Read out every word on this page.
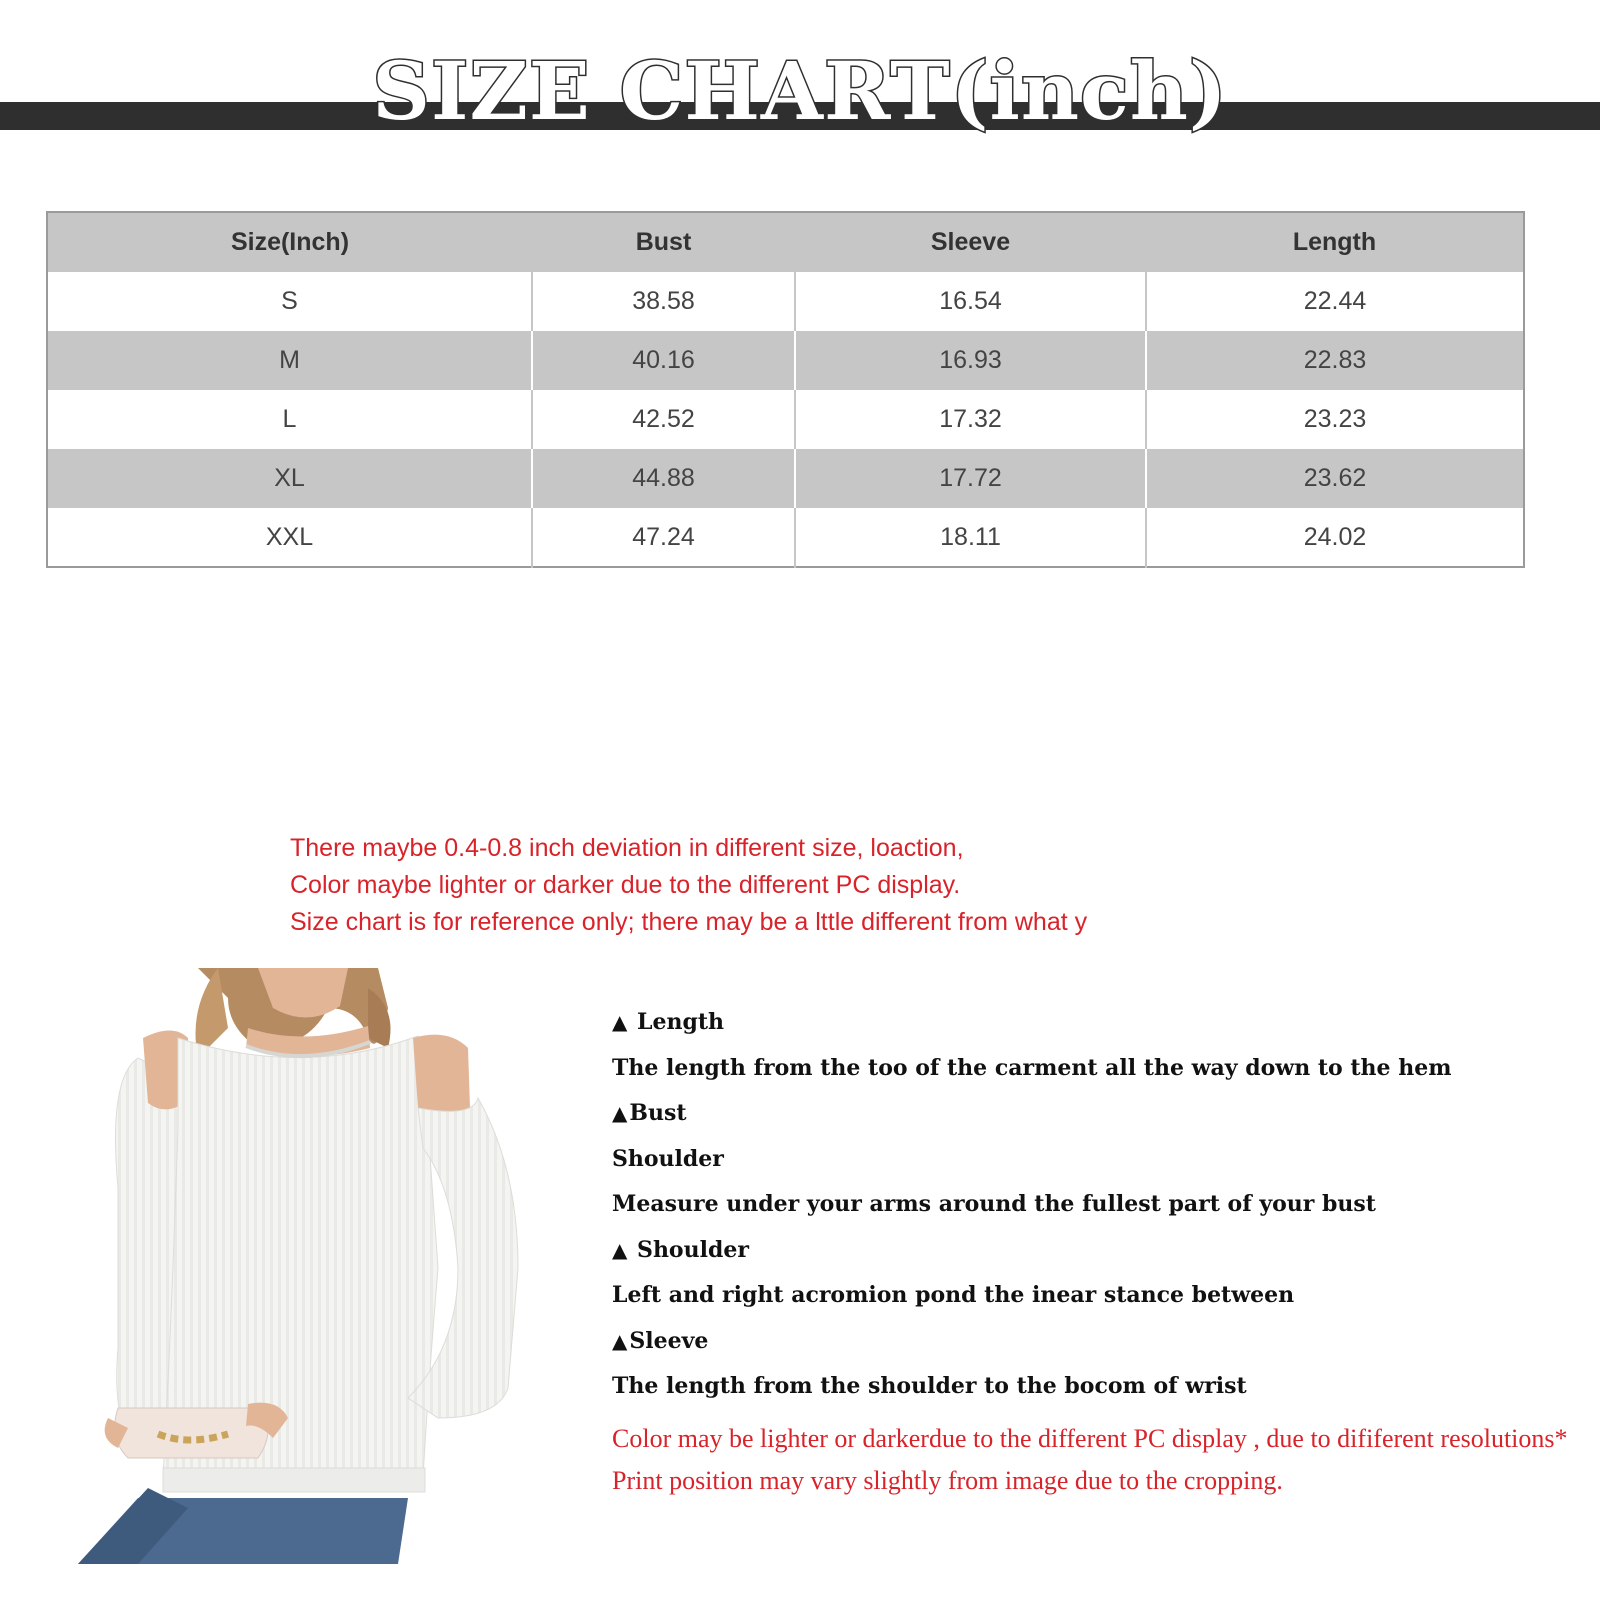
SIZE CHART(inch)
Size(Inch)	Bust	Sleeve	Length
S	38.58	16.54	22.44
M	40.16	16.93	22.83
L	42.52	17.32	23.23
XL	44.88	17.72	23.62
XXL	47.24	18.11	24.02
There maybe 0.4-0.8 inch deviation in different size, loaction,
Color maybe lighter or darker due to the different PC display.
Size chart is for reference only; there may be a lttle different from what y
▲ Length
The length from the too of the carment all the way down to the hem
▲Bust
Shoulder
Measure under your arms around the fullest part of your bust
▲ Shoulder
Left and right acromion pond the inear stance between
▲Sleeve
The length from the shoulder to the bocom of wrist
Color may be lighter or darkerdue to the different PC display , due to dififerent resolutions* Print position may vary slightly from image due to the cropping.
